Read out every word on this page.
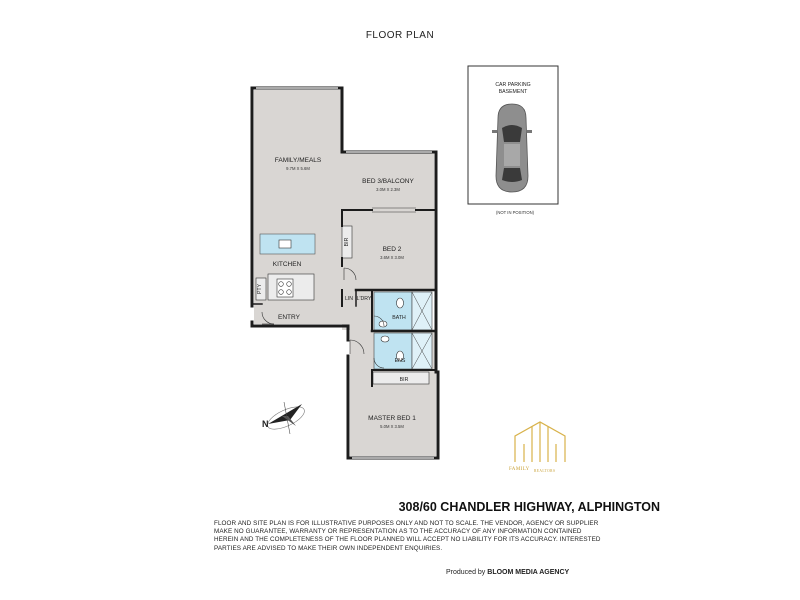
FLOOR PLAN
FAMILY/MEALS
9.7M X 5.6M
BED 3/BALCONY
3.0M X 2.3M
BED 2
3.6M X 3.0M
KITCHEN
ENTRY	BATH
ENS
MASTER BED 1
5.0M X 3.5M
BIR
BIR
PTY
LIN L'DRY
CAR PARKING
BASEMENT
(NOT IN POSITION)
N
FAMILY REALTORS
308/60 CHANDLER HIGHWAY, ALPHINGTON
FLOOR AND SITE PLAN IS FOR ILLUSTRATIVE PURPOSES ONLY AND NOT TO SCALE. THE VENDOR, AGENCY OR SUPPLIER MAKE NO GUARANTEE, WARRANTY OR REPRESENTATION AS TO THE ACCURACY OF ANY INFORMATION CONTAINED HEREIN AND THE COMPLETENESS OF THE FLOOR PLANNED WILL ACCEPT NO LIABILITY FOR ITS ACCURACY. INTERESTED PARTIES ARE ADVISED TO MAKE THEIR OWN INDEPENDENT ENQUIRIES.
Produced by BLOOM MEDIA AGENCY
